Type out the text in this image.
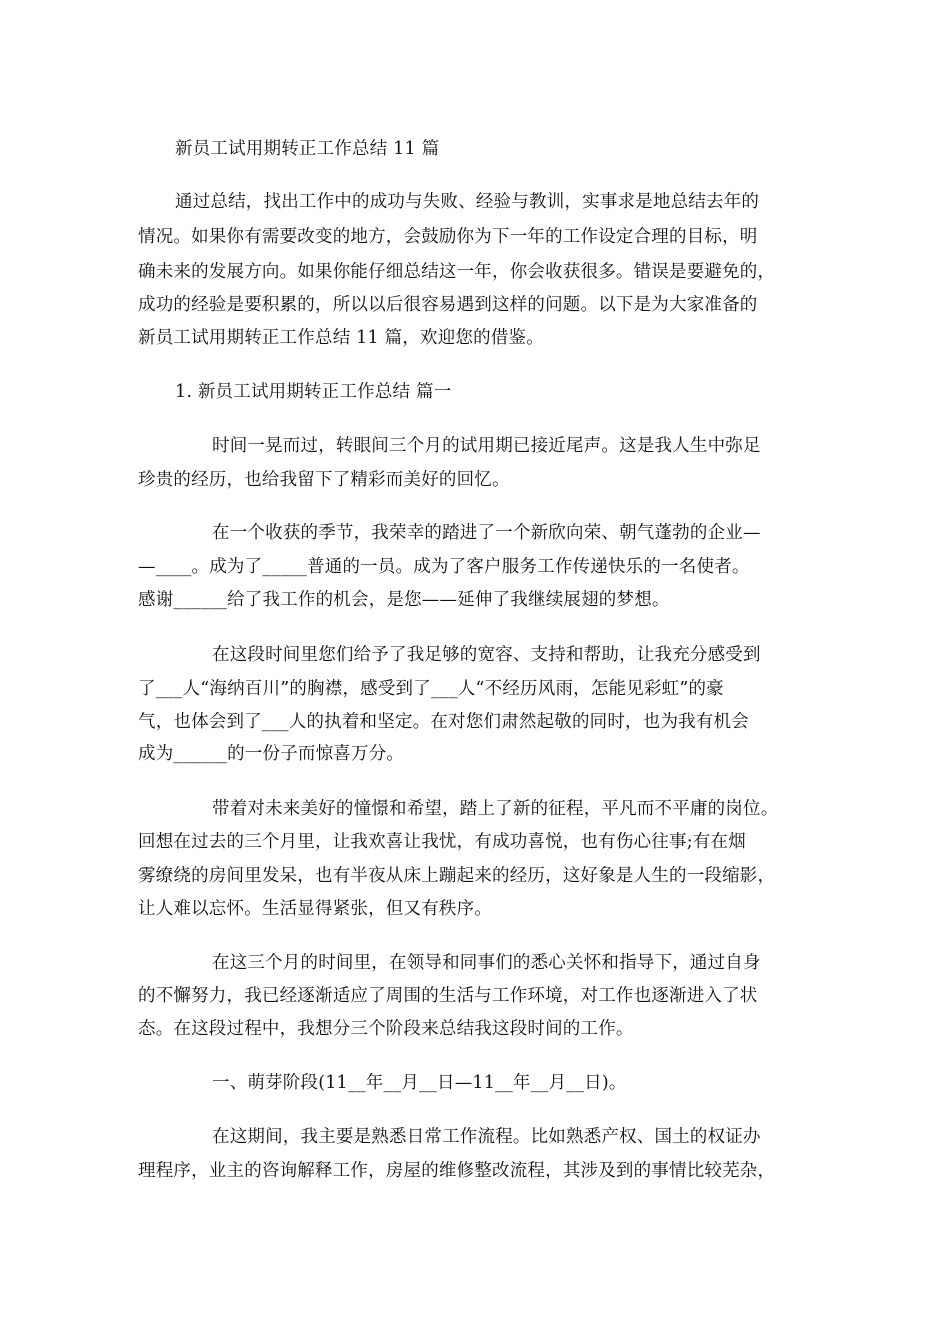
新员工试用期转正工作总结 11 篇
通过总结，找出工作中的成功与失败、经验与教训，实事求是地总结去年的
情况。如果你有需要改变的地方，会鼓励你为下一年的工作设定合理的目标，明
确未来的发展方向。如果你能仔细总结这一年，你会收获很多。错误是要避免的，
成功的经验是要积累的，所以以后很容易遇到这样的问题。以下是为大家准备的
新员工试用期转正工作总结 11 篇，欢迎您的借鉴。
1. 新员工试用期转正工作总结 篇一
时间一晃而过，转眼间三个月的试用期已接近尾声。这是我人生中弥足
珍贵的经历，也给我留下了精彩而美好的回忆。
在一个收获的季节，我荣幸的踏进了一个新欣向荣、朝气蓬勃的企业—
—____。成为了_____普通的一员。成为了客户服务工作传递快乐的一名使者。
感谢______给了我工作的机会，是您——延伸了我继续展翅的梦想。
在这段时间里您们给予了我足够的宽容、支持和帮助，让我充分感受到
了___人“海纳百川”的胸襟，感受到了___人“不经历风雨，怎能见彩虹”的豪
气，也体会到了___人的执着和坚定。在对您们肃然起敬的同时，也为我有机会
成为______的一份子而惊喜万分。
带着对未来美好的憧憬和希望，踏上了新的征程，平凡而不平庸的岗位。
回想在过去的三个月里，让我欢喜让我忧，有成功喜悦，也有伤心往事;有在烟
雾缭绕的房间里发呆，也有半夜从床上蹦起来的经历，这好象是人生的一段缩影，
让人难以忘怀。生活显得紧张，但又有秩序。
在这三个月的时间里，在领导和同事们的悉心关怀和指导下，通过自身
的不懈努力，我已经逐渐适应了周围的生活与工作环境，对工作也逐渐进入了状
态。在这段过程中，我想分三个阶段来总结我这段时间的工作。
一、萌芽阶段(11__年__月__日—11__年__月__日)。
在这期间，我主要是熟悉日常工作流程。比如熟悉产权、国土的权证办
理程序，业主的咨询解释工作，房屋的维修整改流程，其涉及到的事情比较芜杂，
